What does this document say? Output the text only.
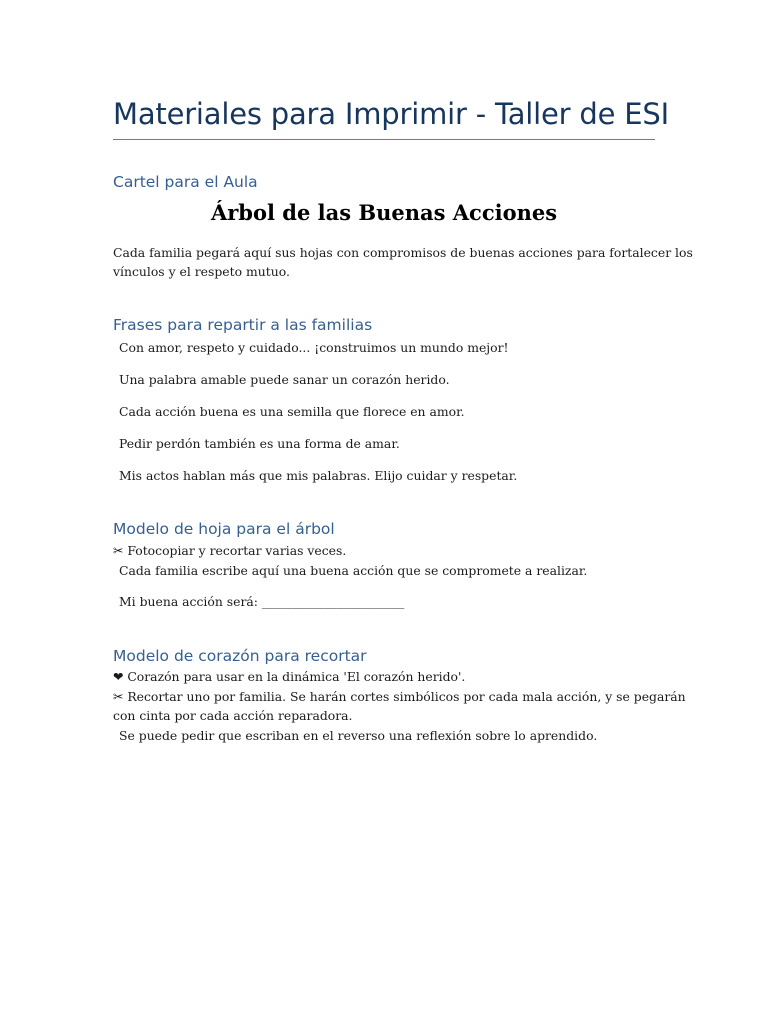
Materiales para Imprimir - Taller de ESI
Cartel para el Aula
Árbol de las Buenas Acciones

Cada familia pegará aquí sus hojas con compromisos de buenas acciones para fortalecer los

vínculos y el respeto mutuo.

Frases para repartir a las familias

Con amor, respeto y cuidado... ¡construimos un mundo mejor!

Una palabra amable puede sanar un corazón herido.

Cada acción buena es una semilla que florece en amor.

Pedir perdón también es una forma de amar.

Mis actos hablan más que mis palabras. Elijo cuidar y respetar.

Modelo de hoja para el árbol

✂ Fotocopiar y recortar varias veces.

Cada familia escribe aquí una buena acción que se compromete a realizar.

Mi buena acción será: _______________________

Modelo de corazón para recortar

❤ Corazón para usar en la dinámica 'El corazón herido'.

✂ Recortar uno por familia. Se harán cortes simbólicos por cada mala acción, y se pegarán

con cinta por cada acción reparadora.

Se puede pedir que escriban en el reverso una reflexión sobre lo aprendido.
